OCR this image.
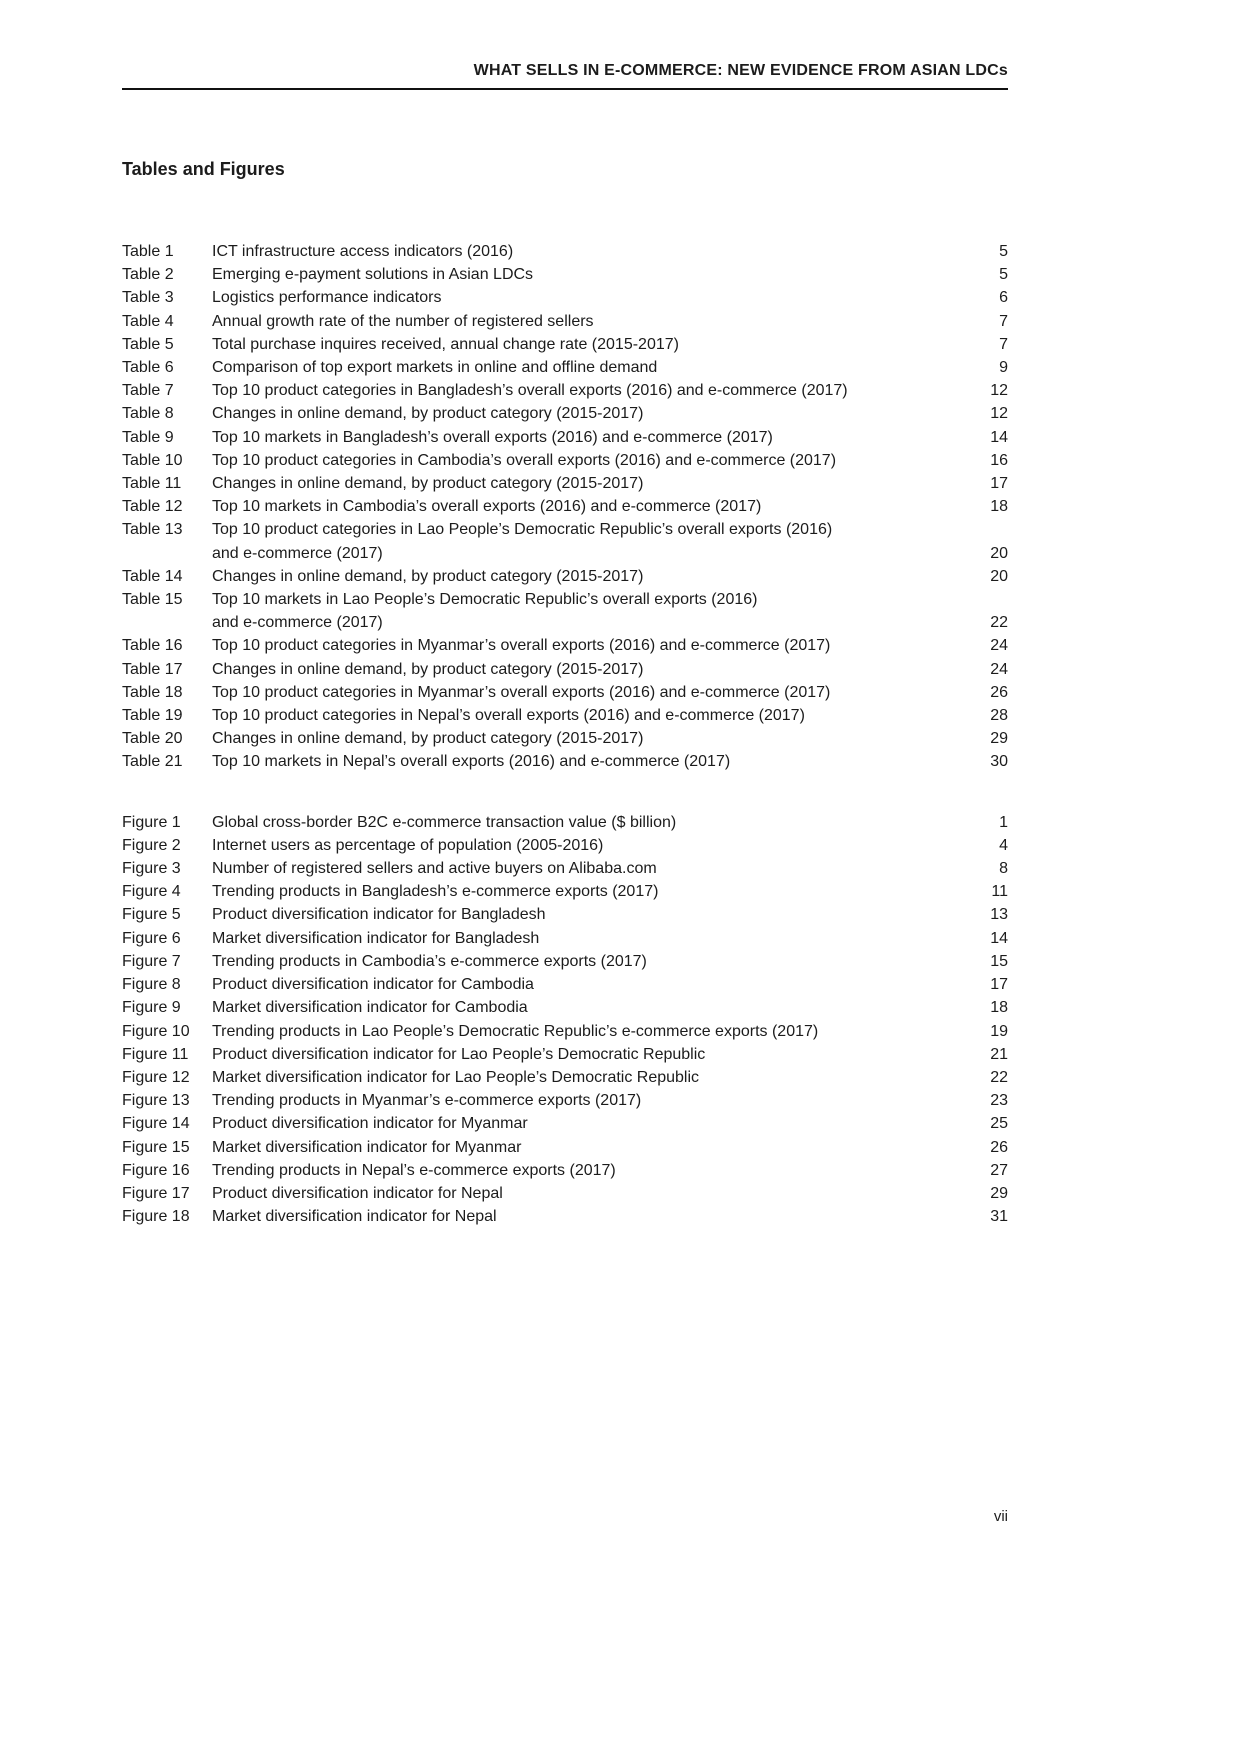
WHAT SELLS IN E-COMMERCE: NEW EVIDENCE FROM ASIAN LDCs
Tables and Figures
Table 1	ICT infrastructure access indicators (2016)	5
Table 2	Emerging e-payment solutions in Asian LDCs	5
Table 3	Logistics performance indicators	6
Table 4	Annual growth rate of the number of registered sellers	7
Table 5	Total purchase inquires received, annual change rate (2015-2017)	7
Table 6	Comparison of top export markets in online and offline demand	9
Table 7	Top 10 product categories in Bangladesh’s overall exports (2016) and e-commerce (2017)	12
Table 8	Changes in online demand, by product category (2015-2017)	12
Table 9	Top 10 markets in Bangladesh’s overall exports (2016) and e-commerce (2017)	14
Table 10	Top 10 product categories in Cambodia’s overall exports (2016) and e-commerce (2017)	16
Table 11	Changes in online demand, by product category (2015-2017)	17
Table 12	Top 10 markets in Cambodia’s overall exports (2016) and e-commerce (2017)	18
Table 13	Top 10 product categories in Lao People’s Democratic Republic’s overall exports (2016)
and e-commerce (2017)	20
Table 14	Changes in online demand, by product category (2015-2017)	20
Table 15	Top 10 markets in Lao People’s Democratic Republic’s overall exports (2016)
and e-commerce (2017)	22
Table 16	Top 10 product categories in Myanmar’s overall exports (2016) and e-commerce (2017)	24
Table 17	Changes in online demand, by product category (2015-2017)	24
Table 18	Top 10 product categories in Myanmar’s overall exports (2016) and e-commerce (2017)	26
Table 19	Top 10 product categories in Nepal’s overall exports (2016) and e-commerce (2017)	28
Table 20	Changes in online demand, by product category (2015-2017)	29
Table 21	Top 10 markets in Nepal’s overall exports (2016) and e-commerce (2017)	30
Figure 1	Global cross-border B2C e-commerce transaction value ($ billion)	1
Figure 2	Internet users as percentage of population (2005-2016)	4
Figure 3	Number of registered sellers and active buyers on Alibaba.com	8
Figure 4	Trending products in Bangladesh’s e-commerce exports (2017)	11
Figure 5	Product diversification indicator for Bangladesh	13
Figure 6	Market diversification indicator for Bangladesh	14
Figure 7	Trending products in Cambodia’s e-commerce exports (2017)	15
Figure 8	Product diversification indicator for Cambodia	17
Figure 9	Market diversification indicator for Cambodia	18
Figure 10	Trending products in Lao People’s Democratic Republic’s e-commerce exports (2017)	19
Figure 11	Product diversification indicator for Lao People’s Democratic Republic	21
Figure 12	Market diversification indicator for Lao People’s Democratic Republic	22
Figure 13	Trending products in Myanmar’s e-commerce exports (2017)	23
Figure 14	Product diversification indicator for Myanmar	25
Figure 15	Market diversification indicator for Myanmar	26
Figure 16	Trending products in Nepal’s e-commerce exports (2017)	27
Figure 17	Product diversification indicator for Nepal	29
Figure 18	Market diversification indicator for Nepal	31
vii
